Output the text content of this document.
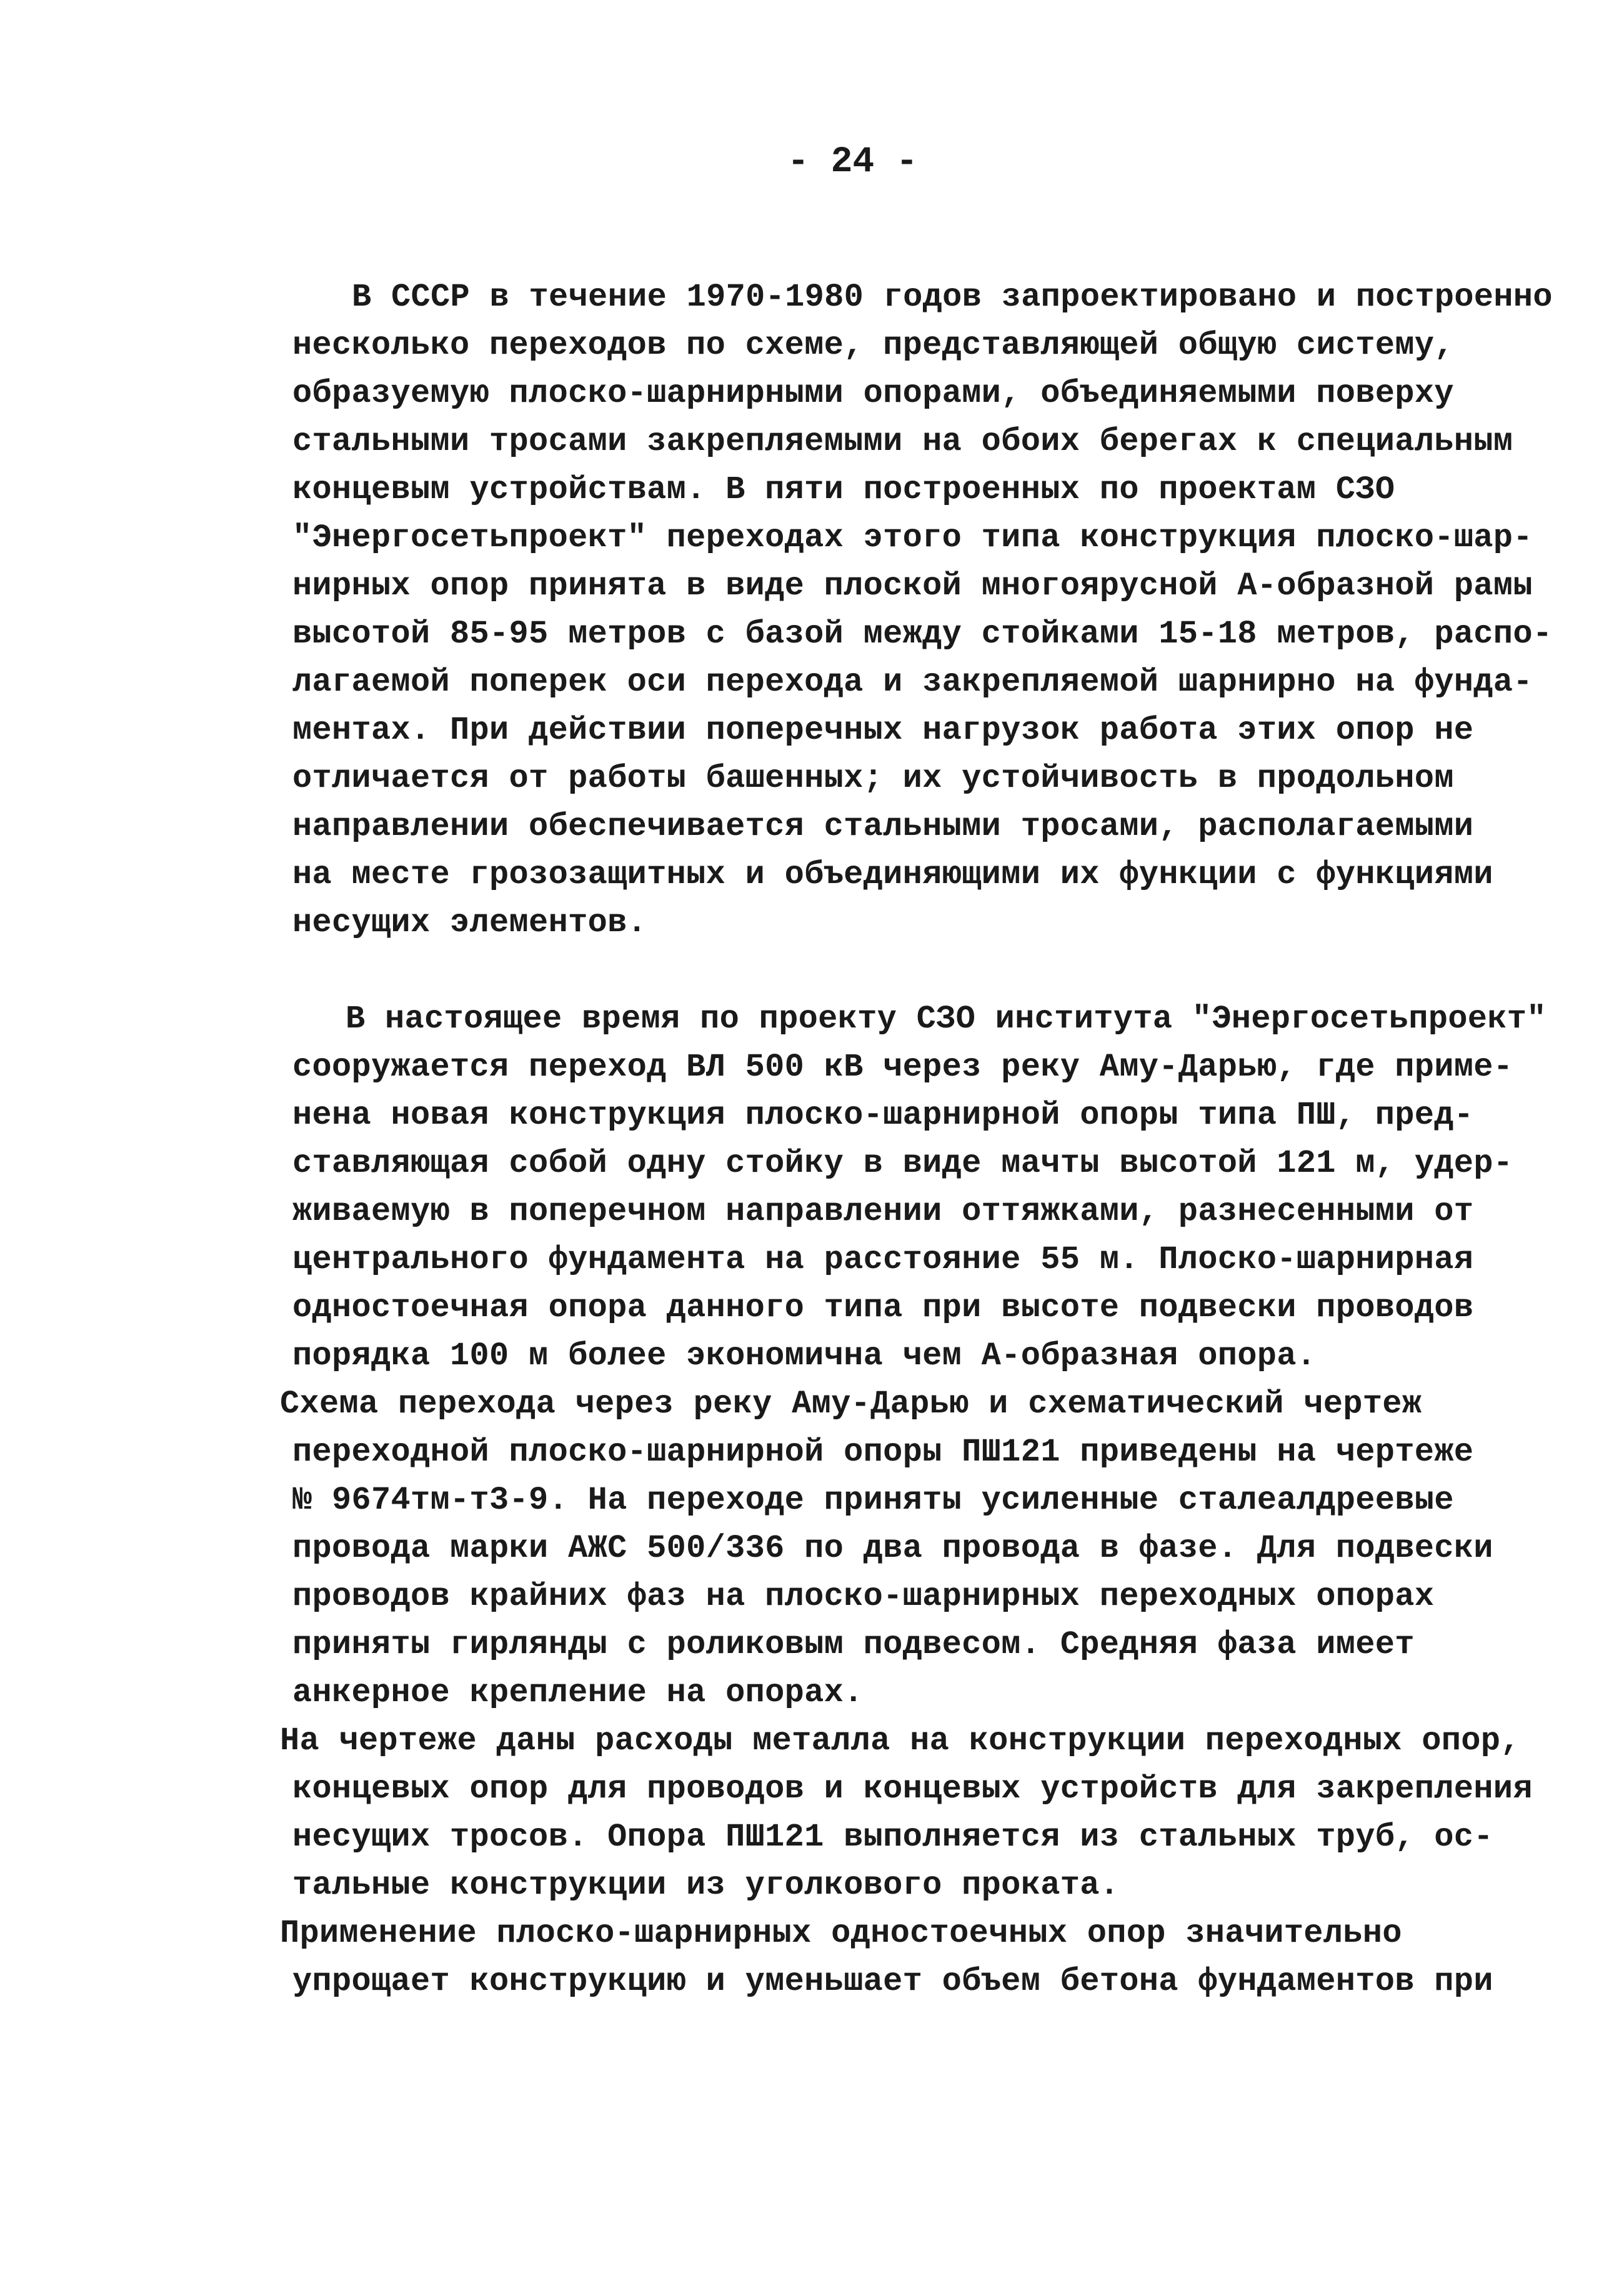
- 24 -
В СССР в течение 1970-1980 годов запроектировано и построенно
несколько переходов по схеме, представляющей общую систему,
образуемую плоско-шарнирными опорами, объединяемыми поверху
стальными тросами закрепляемыми на обоих берегах к специальным
концевым устройствам. В пяти построенных по проектам СЗО
"Энергосетьпроект" переходах этого типа конструкция плоско-шар-
нирных опор принята в виде плоской многоярусной А-образной рамы
высотой 85-95 метров с базой между стойками 15-18 метров, распо-
лагаемой поперек оси перехода и закрепляемой шарнирно на фунда-
ментах. При действии поперечных нагрузок работа этих опор не
отличается от работы башенных; их устойчивость в продольном
направлении обеспечивается стальными тросами, располагаемыми
на месте грозозащитных и объединяющими их функции с функциями
несущих элементов.
В настоящее время по проекту СЗО института "Энергосетьпроект"
сооружается переход ВЛ 500 кВ через реку Аму-Дарью, где приме-
нена новая конструкция плоско-шарнирной опоры типа ПШ, пред-
ставляющая собой одну стойку в виде мачты высотой 121 м, удер-
живаемую в поперечном направлении оттяжками, разнесенными от
центрального фундамента на расстояние 55 м. Плоско-шарнирная
одностоечная опора данного типа при высоте подвески проводов
порядка 100 м более экономична чем А-образная опора.
Схема перехода через реку Аму-Дарью и схематический чертеж
переходной плоско-шарнирной опоры ПШ121 приведены на чертеже
№ 9674тм-т3-9. На переходе приняты усиленные сталеалдреевые
провода марки АЖС 500/336 по два провода в фазе. Для подвески
проводов крайних фаз на плоско-шарнирных переходных опорах
приняты гирлянды с роликовым подвесом. Средняя фаза имеет
анкерное крепление на опорах.
На чертеже даны расходы металла на конструкции переходных опор,
концевых опор для проводов и концевых устройств для закрепления
несущих тросов. Опора ПШ121 выполняется из стальных труб, ос-
тальные конструкции из уголкового проката.
Применение плоско-шарнирных одностоечных опор значительно
упрощает конструкцию и уменьшает объем бетона фундаментов при
